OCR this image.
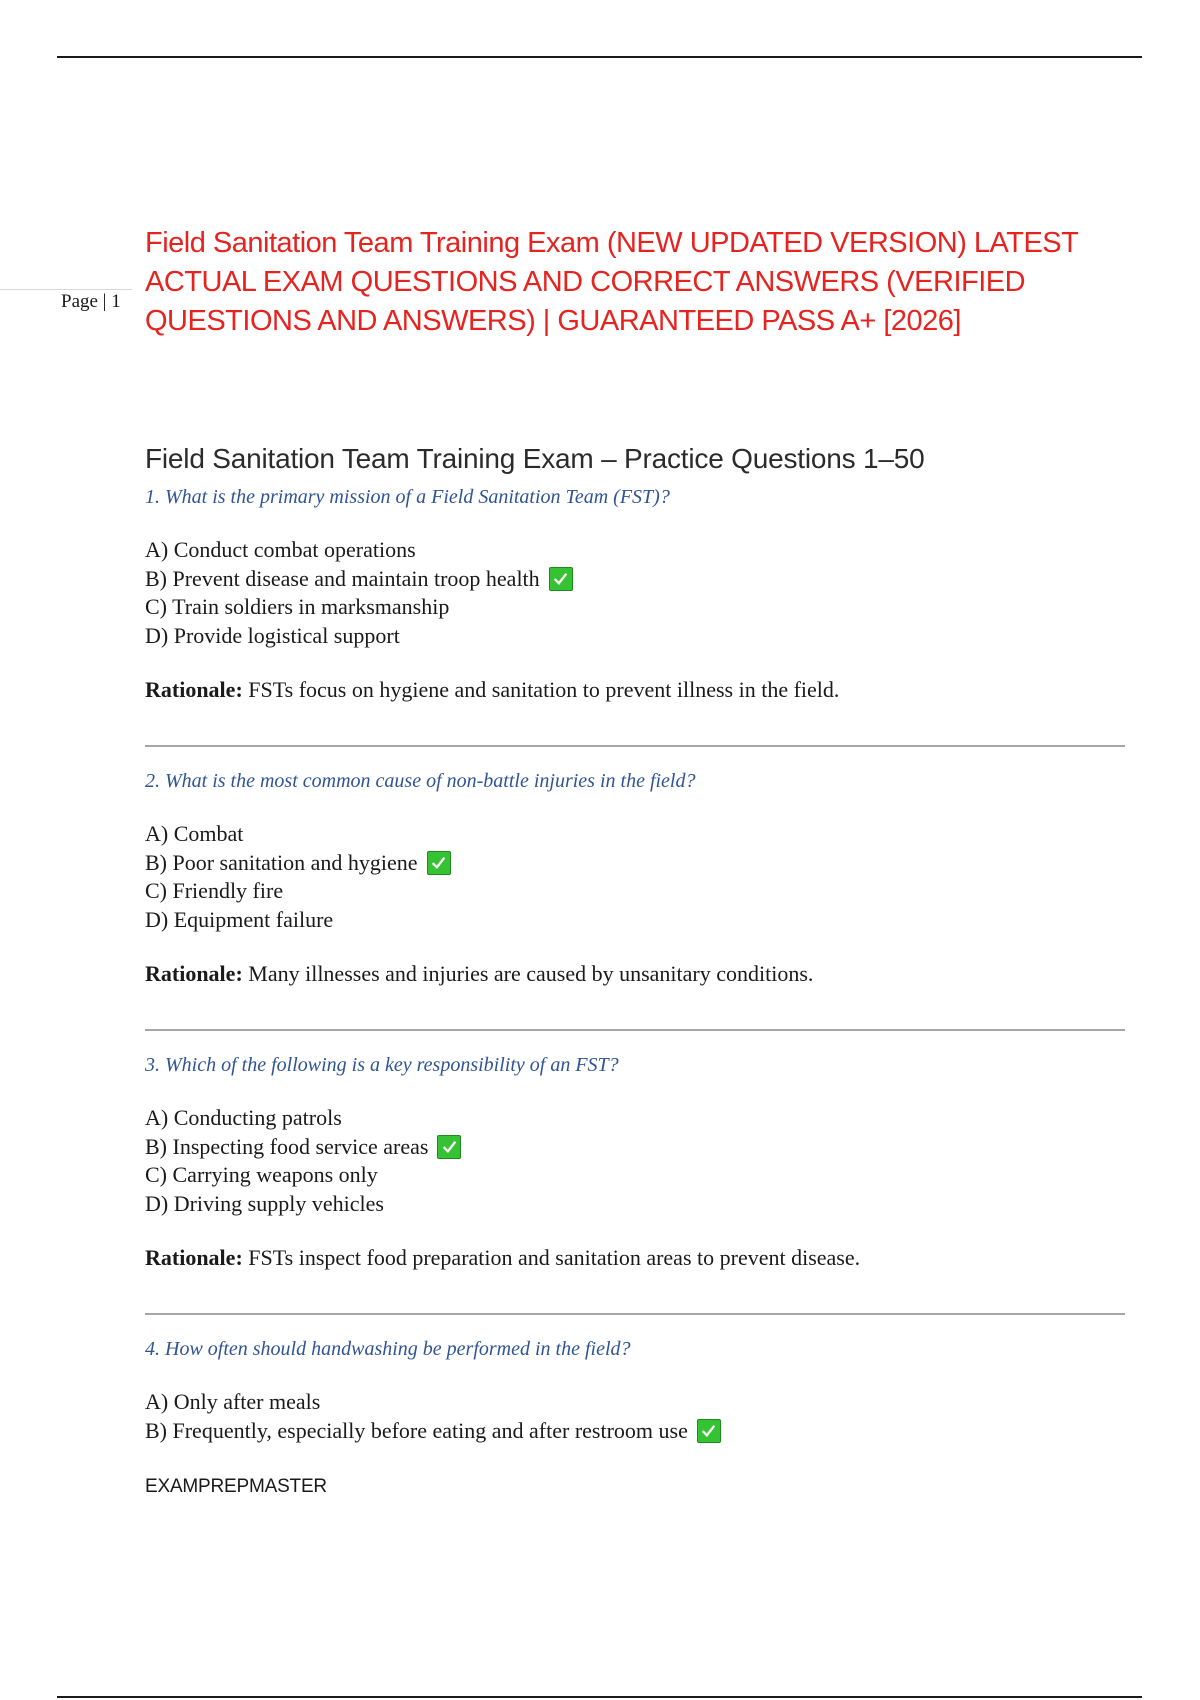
Page | 1
Field Sanitation Team Training Exam (NEW UPDATED VERSION) LATEST ACTUAL EXAM QUESTIONS AND CORRECT ANSWERS (VERIFIED QUESTIONS AND ANSWERS) | GUARANTEED PASS A+ [2026]
Field Sanitation Team Training Exam – Practice Questions 1–50

1. What is the primary mission of a Field Sanitation Team (FST)?

A) Conduct combat operations
B) Prevent disease and maintain troop health
C) Train soldiers in marksmanship
D) Provide logistical support

Rationale: FSTs focus on hygiene and sanitation to prevent illness in the field.

2. What is the most common cause of non-battle injuries in the field?

A) Combat
B) Poor sanitation and hygiene
C) Friendly fire
D) Equipment failure

Rationale: Many illnesses and injuries are caused by unsanitary conditions.

3. Which of the following is a key responsibility of an FST?

A) Conducting patrols
B) Inspecting food service areas
C) Carrying weapons only
D) Driving supply vehicles

Rationale: FSTs inspect food preparation and sanitation areas to prevent disease.

4. How often should handwashing be performed in the field?

A) Only after meals
B) Frequently, especially before eating and after restroom use
EXAMPREPMASTER
